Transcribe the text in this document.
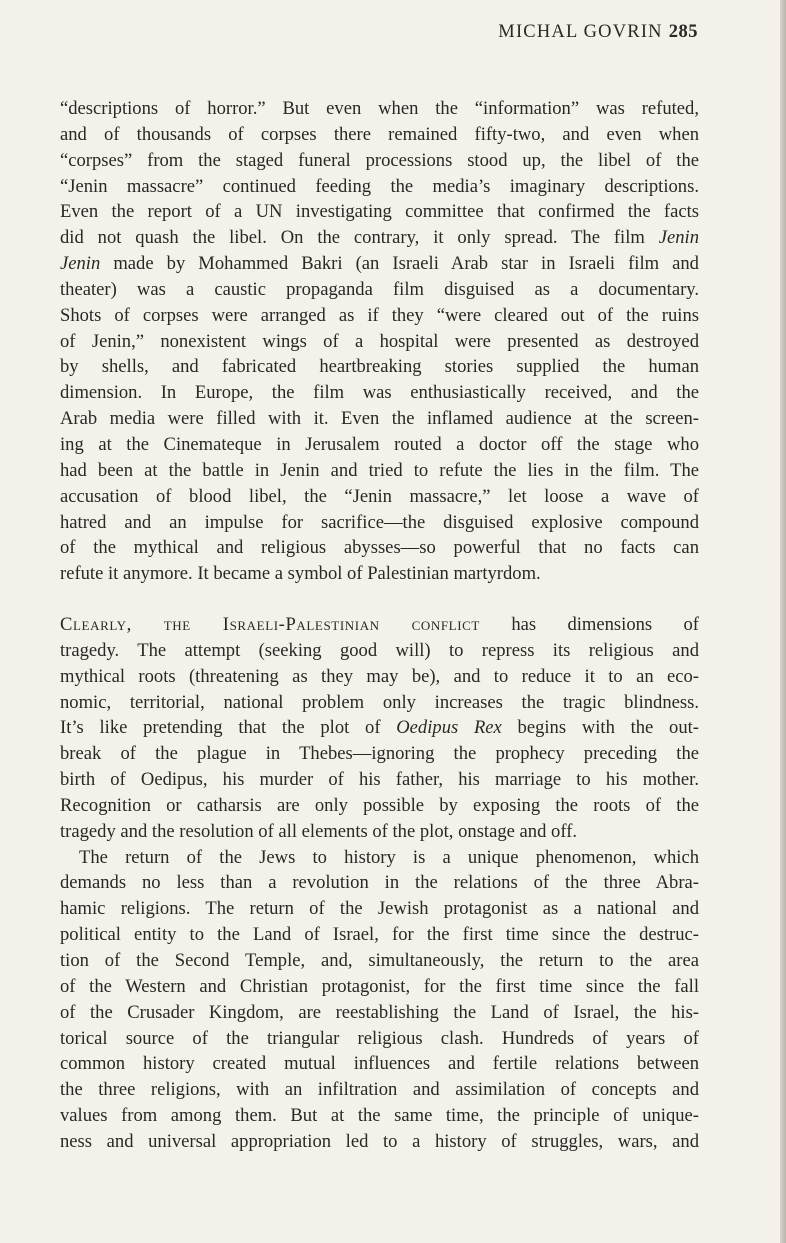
MICHAL GOVRIN 285
“descriptions of horror.” But even when the “information” was refuted,
and of thousands of corpses there remained fifty-two, and even when
“corpses” from the staged funeral processions stood up, the libel of the
“Jenin massacre” continued feeding the media’s imaginary descriptions.
Even the report of a UN investigating committee that confirmed the facts
did not quash the libel. On the contrary, it only spread. The film Jenin
Jenin made by Mohammed Bakri (an Israeli Arab star in Israeli film and
theater) was a caustic propaganda film disguised as a documentary.
Shots of corpses were arranged as if they “were cleared out of the ruins
of Jenin,” nonexistent wings of a hospital were presented as destroyed
by shells, and fabricated heartbreaking stories supplied the human
dimension. In Europe, the film was enthusiastically received, and the
Arab media were filled with it. Even the inflamed audience at the screen-
ing at the Cinemateque in Jerusalem routed a doctor off the stage who
had been at the battle in Jenin and tried to refute the lies in the film. The
accusation of blood libel, the “Jenin massacre,” let loose a wave of
hatred and an impulse for sacrifice—the disguised explosive compound
of the mythical and religious abysses—so powerful that no facts can
refute it anymore. It became a symbol of Palestinian martyrdom.
Clearly, the Israeli-Palestinian conflict has dimensions of
tragedy. The attempt (seeking good will) to repress its religious and
mythical roots (threatening as they may be), and to reduce it to an eco-
nomic, territorial, national problem only increases the tragic blindness.
It’s like pretending that the plot of Oedipus Rex begins with the out-
break of the plague in Thebes—ignoring the prophecy preceding the
birth of Oedipus, his murder of his father, his marriage to his mother.
Recognition or catharsis are only possible by exposing the roots of the
tragedy and the resolution of all elements of the plot, onstage and off.
The return of the Jews to history is a unique phenomenon, which
demands no less than a revolution in the relations of the three Abra-
hamic religions. The return of the Jewish protagonist as a national and
political entity to the Land of Israel, for the first time since the destruc-
tion of the Second Temple, and, simultaneously, the return to the area
of the Western and Christian protagonist, for the first time since the fall
of the Crusader Kingdom, are reestablishing the Land of Israel, the his-
torical source of the triangular religious clash. Hundreds of years of
common history created mutual influences and fertile relations between
the three religions, with an infiltration and assimilation of concepts and
values from among them. But at the same time, the principle of unique-
ness and universal appropriation led to a history of struggles, wars, and
